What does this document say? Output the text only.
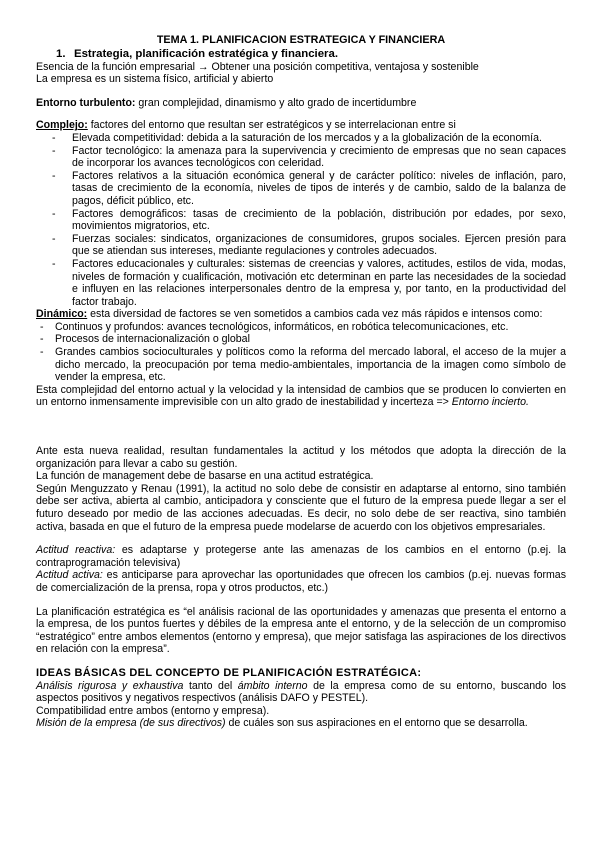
TEMA 1. PLANIFICACION ESTRATEGICA Y FINANCIERA

1. Estrategia, planificación estratégica y financiera.

Esencia de la función empresarial → Obtener una posición competitiva, ventajosa y sostenible

La empresa es un sistema físico, artificial y abierto

Entorno turbulento: gran complejidad, dinamismo y alto grado de incertidumbre

Complejo: factores del entorno que resultan ser estratégicos y se interrelacionan entre si

- Elevada competitividad: debida a la saturación de los mercados y a la globalización de la economía.
- Factor tecnológico: la amenaza para la supervivencia y crecimiento de empresas que no sean capaces de incorporar los avances tecnológicos con celeridad.
- Factores relativos a la situación económica general y de carácter político: niveles de inflación, paro, tasas de crecimiento de la economía, niveles de tipos de interés y de cambio, saldo de la balanza de pagos, déficit público, etc.
- Factores demográficos: tasas de crecimiento de la población, distribución por edades, por sexo, movimientos migratorios, etc.
- Fuerzas sociales: sindicatos, organizaciones de consumidores, grupos sociales. Ejercen presión para que se atiendan sus intereses, mediante regulaciones y controles adecuados.
- Factores educacionales y culturales: sistemas de creencias y valores, actitudes, estilos de vida, modas, niveles de formación y cualificación, motivación etc determinan en parte las necesidades de la sociedad e influyen en las relaciones interpersonales dentro de la empresa y, por tanto, en la productividad del factor trabajo.

Dinámico: esta diversidad de factores se ven sometidos a cambios cada vez más rápidos e intensos como:

- Continuos y profundos: avances tecnológicos, informáticos, en robótica telecomunicaciones, etc.
- Procesos de internacionalización o global
- Grandes cambios socioculturales y políticos como la reforma del mercado laboral, el acceso de la mujer a dicho mercado, la preocupación por tema medio-ambientales, importancia de la imagen como símbolo de vender la empresa, etc.

Esta complejidad del entorno actual y la velocidad y la intensidad de cambios que se producen lo convierten en un entorno inmensamente imprevisible con un alto grado de inestabilidad y incerteza => Entorno incierto.

Ante esta nueva realidad, resultan fundamentales la actitud y los métodos que adopta la dirección de la organización para llevar a cabo su gestión.

La función de management debe de basarse en una actitud estratégica.

Según Menguzzato y Renau (1991), la actitud no solo debe de consistir en adaptarse al entorno, sino también debe ser activa, abierta al cambio, anticipadora y consciente que el futuro de la empresa puede llegar a ser el futuro deseado por medio de las acciones adecuadas. Es decir, no solo debe de ser reactiva, sino también activa, basada en que el futuro de la empresa puede modelarse de acuerdo con los objetivos empresariales.

Actitud reactiva: es adaptarse y protegerse ante las amenazas de los cambios en el entorno (p.ej. la contraprogramación televisiva)

Actitud activa: es anticiparse para aprovechar las oportunidades que ofrecen los cambios (p.ej. nuevas formas de comercialización de la prensa, ropa y otros productos, etc.)

La planificación estratégica es “el análisis racional de las oportunidades y amenazas que presenta el entorno a la empresa, de los puntos fuertes y débiles de la empresa ante el entorno, y de la selección de un compromiso “estratégico” entre ambos elementos (entorno y empresa), que mejor satisfaga las aspiraciones de los directivos en relación con la empresa”.

IDEAS BÁSICAS DEL CONCEPTO DE PLANIFICACIÓN ESTRATÉGICA:

Análisis rigurosa y exhaustiva tanto del ámbito interno de la empresa como de su entorno, buscando los aspectos positivos y negativos respectivos (análisis DAFO y PESTEL).

Compatibilidad entre ambos (entorno y empresa).

Misión de la empresa (de sus directivos) de cuáles son sus aspiraciones en el entorno que se desarrolla.
